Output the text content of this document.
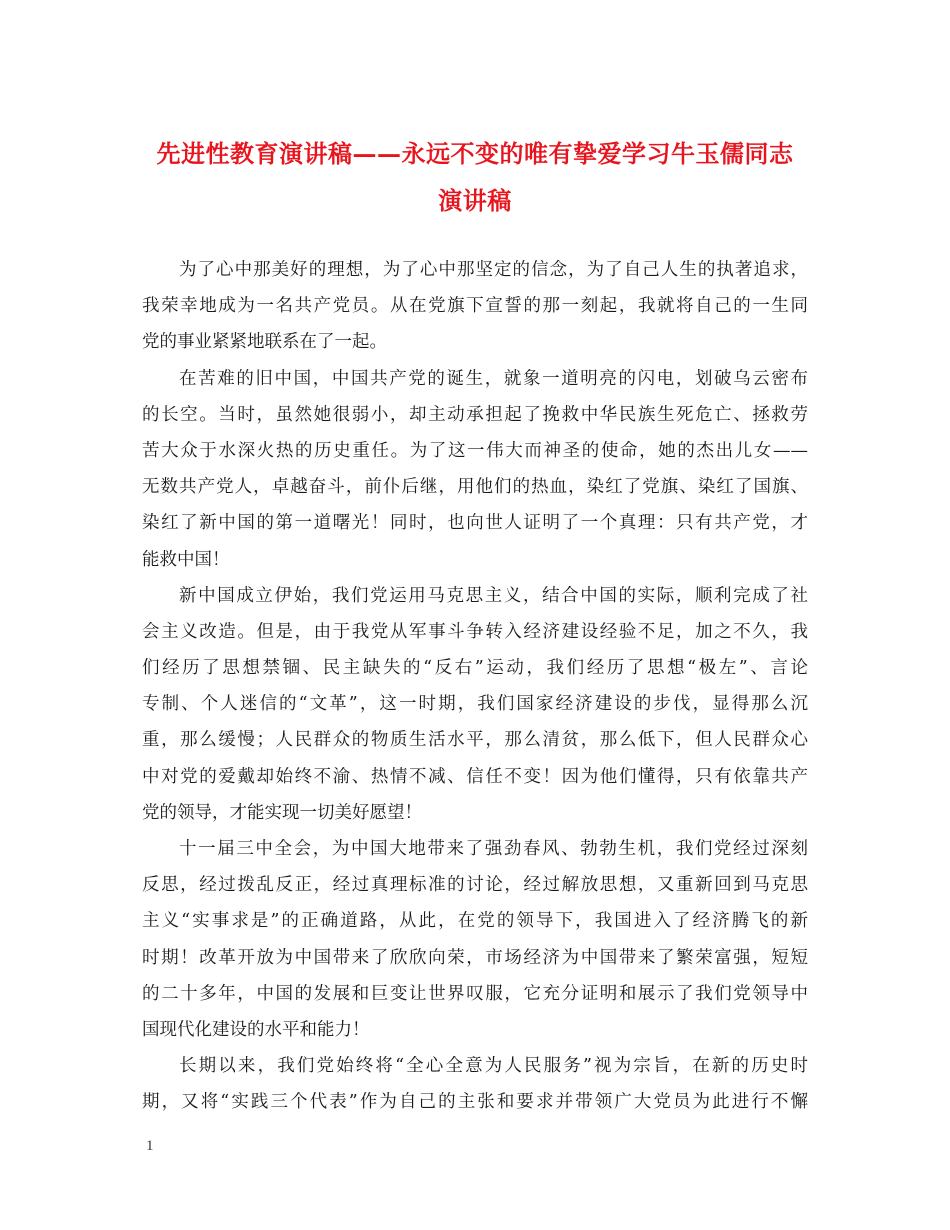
先进性教育演讲稿——永远不变的唯有挚爱学习牛玉儒同志
演讲稿
为了心中那美好的理想，为了心中那坚定的信念，为了自己人生的执著追求，
我荣幸地成为一名共产党员。从在党旗下宣誓的那一刻起，我就将自己的一生同
党的事业紧紧地联系在了一起。
在苦难的旧中国，中国共产党的诞生，就象一道明亮的闪电，划破乌云密布
的长空。当时，虽然她很弱小，却主动承担起了挽救中华民族生死危亡、拯救劳
苦大众于水深火热的历史重任。为了这一伟大而神圣的使命，她的杰出儿女——
无数共产党人，卓越奋斗，前仆后继，用他们的热血，染红了党旗、染红了国旗、
染红了新中国的第一道曙光！同时，也向世人证明了一个真理：只有共产党，才
能救中国！
新中国成立伊始，我们党运用马克思主义，结合中国的实际，顺利完成了社
会主义改造。但是，由于我党从军事斗争转入经济建设经验不足，加之不久，我
们经历了思想禁锢、民主缺失的“反右”运动，我们经历了思想“极左”、言论
专制、个人迷信的“文革”，这一时期，我们国家经济建设的步伐，显得那么沉
重，那么缓慢；人民群众的物质生活水平，那么清贫，那么低下，但人民群众心
中对党的爱戴却始终不渝、热情不减、信任不变！因为他们懂得，只有依靠共产
党的领导，才能实现一切美好愿望！
十一届三中全会，为中国大地带来了强劲春风、勃勃生机，我们党经过深刻
反思，经过拨乱反正，经过真理标准的讨论，经过解放思想，又重新回到马克思
主义“实事求是”的正确道路，从此，在党的领导下，我国进入了经济腾飞的新
时期！改革开放为中国带来了欣欣向荣，市场经济为中国带来了繁荣富强，短短
的二十多年，中国的发展和巨变让世界叹服，它充分证明和展示了我们党领导中
国现代化建设的水平和能力！
长期以来，我们党始终将“全心全意为人民服务”视为宗旨，在新的历史时
期，又将“实践三个代表”作为自己的主张和要求并带领广大党员为此进行不懈
1
